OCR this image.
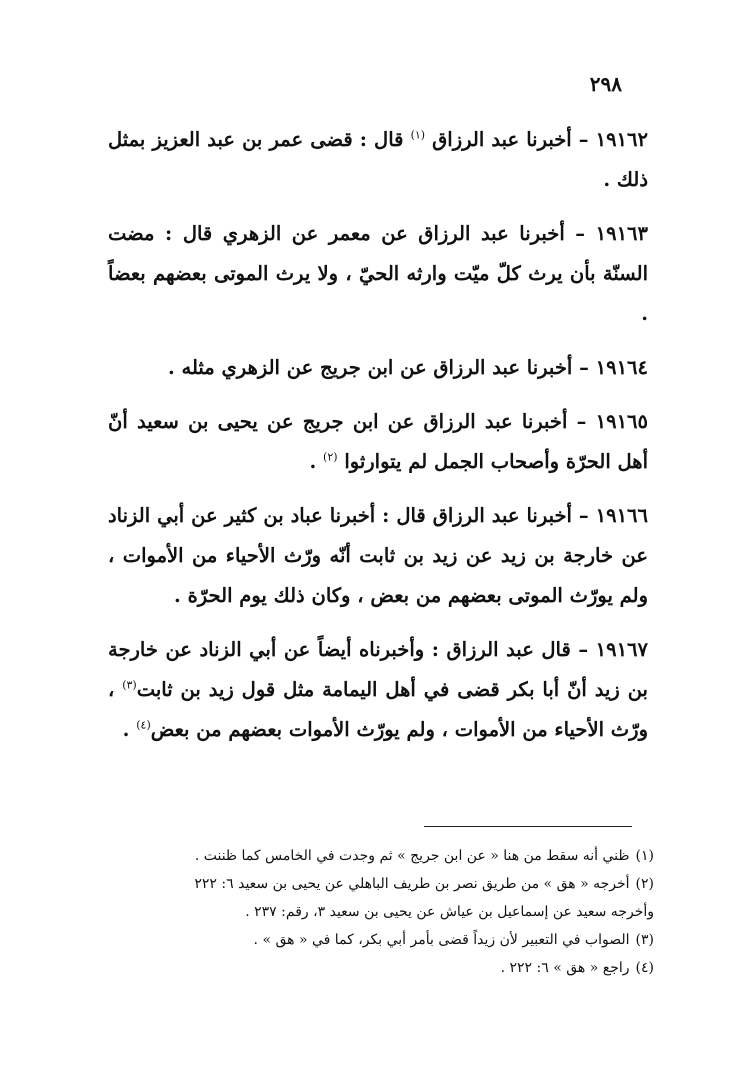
٢٩٨

١٩١٦٢ – أخبرنا عبد الرزاق $^{(١)}$ قال : قضى عمر بن عبد العزيز بمثل ذلك .

١٩١٦٣ – أخبرنا عبد الرزاق عن معمر عن الزهري قال : مضت السنّة بأن يرث كلّ ميّت وارثه الحيّ ، ولا يرث الموتى بعضهم بعضاً .

١٩١٦٤ – أخبرنا عبد الرزاق عن ابن جريج عن الزهري مثله .

١٩١٦٥ – أخبرنا عبد الرزاق عن ابن جريج عن يحيى بن سعيد أنّ أهل الحرّة وأصحاب الجمل لم يتوارثوا $^{(٢)}$ .

١٩١٦٦ – أخبرنا عبد الرزاق قال : أخبرنا عباد بن كثير عن أبي الزناد عن خارجة بن زيد عن زيد بن ثابت أنّه ورّث الأحياء من الأموات ، ولم يورّث الموتى بعضهم من بعض ، وكان ذلك يوم الحرّة .

١٩١٦٧ – قال عبد الرزاق : وأخبرناه أيضاً عن أبي الزناد عن خارجة بن زيد أنّ أبا بكر قضى في أهل اليمامة مثل قول زيد بن ثابت$^{(٣)}$ ، ورّث الأحياء من الأموات ، ولم يورّث الأموات بعضهم من بعض$^{(٤)}$ .

(١)ظني أنه سقط من هنا « عن ابن جريج » ثم وجدت في الخامس كما ظننت .

(٢)أخرجه « هق » من طريق نصر بن طريف الباهلي عن يحيى بن سعيد ٦: ٢٢٢

وأخرجه سعيد عن إسماعيل بن عياش عن يحيى بن سعيد ٣، رقم: ٢٣٧ .

(٣)الصواب في التعبير لأن زيداً قضى بأمر أبي بكر، كما في « هق » .

(٤)راجع « هق » ٦: ٢٢٢ .
